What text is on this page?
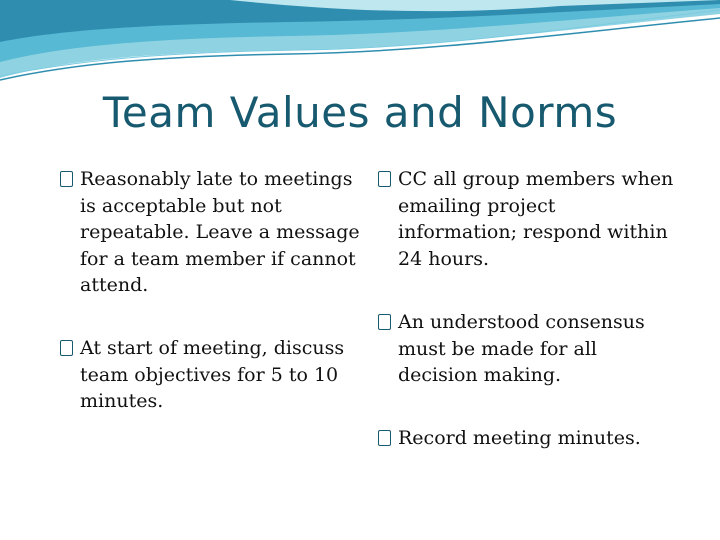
Team Values and Norms
Reasonably late to meetings is acceptable but not repeatable. Leave a message for a team member if cannot attend.
At start of meeting, discuss team objectives for 5 to 10 minutes.
CC all group members when emailing project information; respond within 24 hours.
An understood consensus must be made for all decision making.
Record meeting minutes.
